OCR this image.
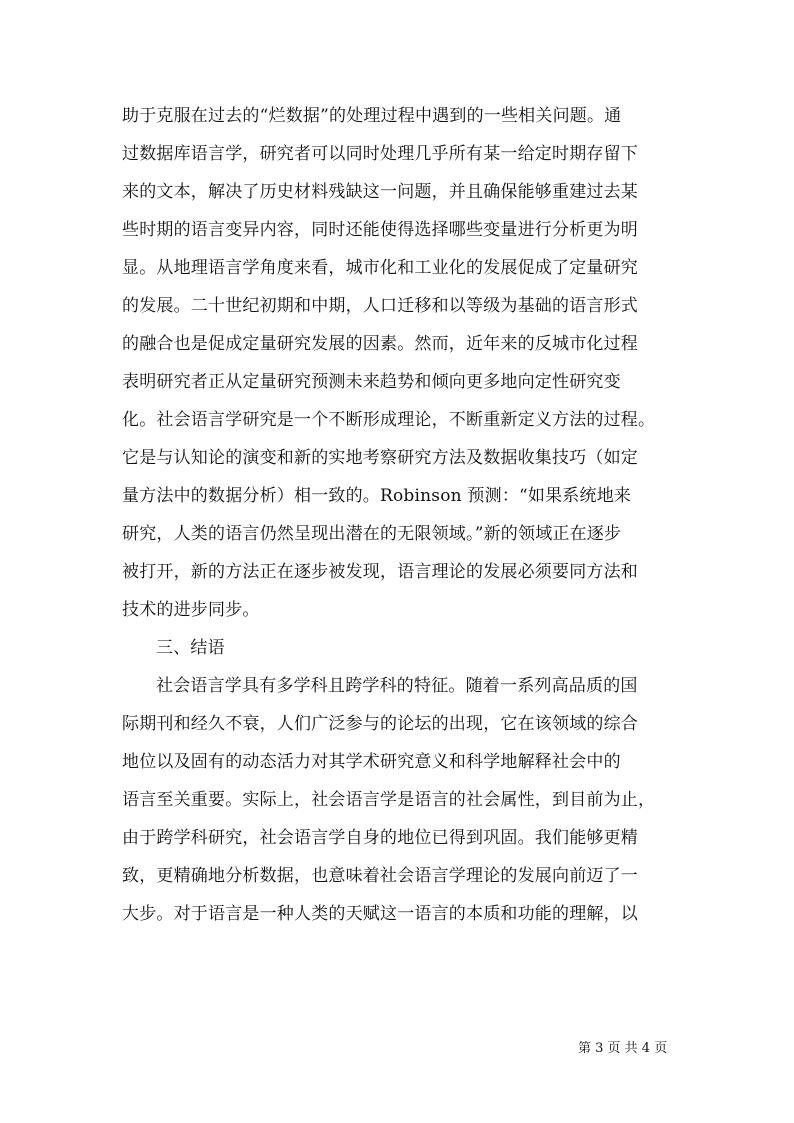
助于克服在过去的“烂数据”的处理过程中遇到的一些相关问题。通
过数据库语言学，研究者可以同时处理几乎所有某一给定时期存留下
来的文本，解决了历史材料残缺这一问题，并且确保能够重建过去某
些时期的语言变异内容，同时还能使得选择哪些变量进行分析更为明
显。从地理语言学角度来看，城市化和工业化的发展促成了定量研究
的发展。二十世纪初期和中期，人口迁移和以等级为基础的语言形式
的融合也是促成定量研究发展的因素。然而，近年来的反城市化过程
表明研究者正从定量研究预测未来趋势和倾向更多地向定性研究变
化。社会语言学研究是一个不断形成理论，不断重新定义方法的过程。
它是与认知论的演变和新的实地考察研究方法及数据收集技巧（如定
量方法中的数据分析）相一致的。Robinson 预测：“如果系统地来
研究，人类的语言仍然呈现出潜在的无限领域。”新的领域正在逐步
被打开，新的方法正在逐步被发现，语言理论的发展必须要同方法和
技术的进步同步。
三、结语
社会语言学具有多学科且跨学科的特征。随着一系列高品质的国
际期刊和经久不衰，人们广泛参与的论坛的出现，它在该领域的综合
地位以及固有的动态活力对其学术研究意义和科学地解释社会中的
语言至关重要。实际上，社会语言学是语言的社会属性，到目前为止，
由于跨学科研究，社会语言学自身的地位已得到巩固。我们能够更精
致，更精确地分析数据，也意味着社会语言学理论的发展向前迈了一
大步。对于语言是一种人类的天赋这一语言的本质和功能的理解，以
第 3 页 共 4 页
